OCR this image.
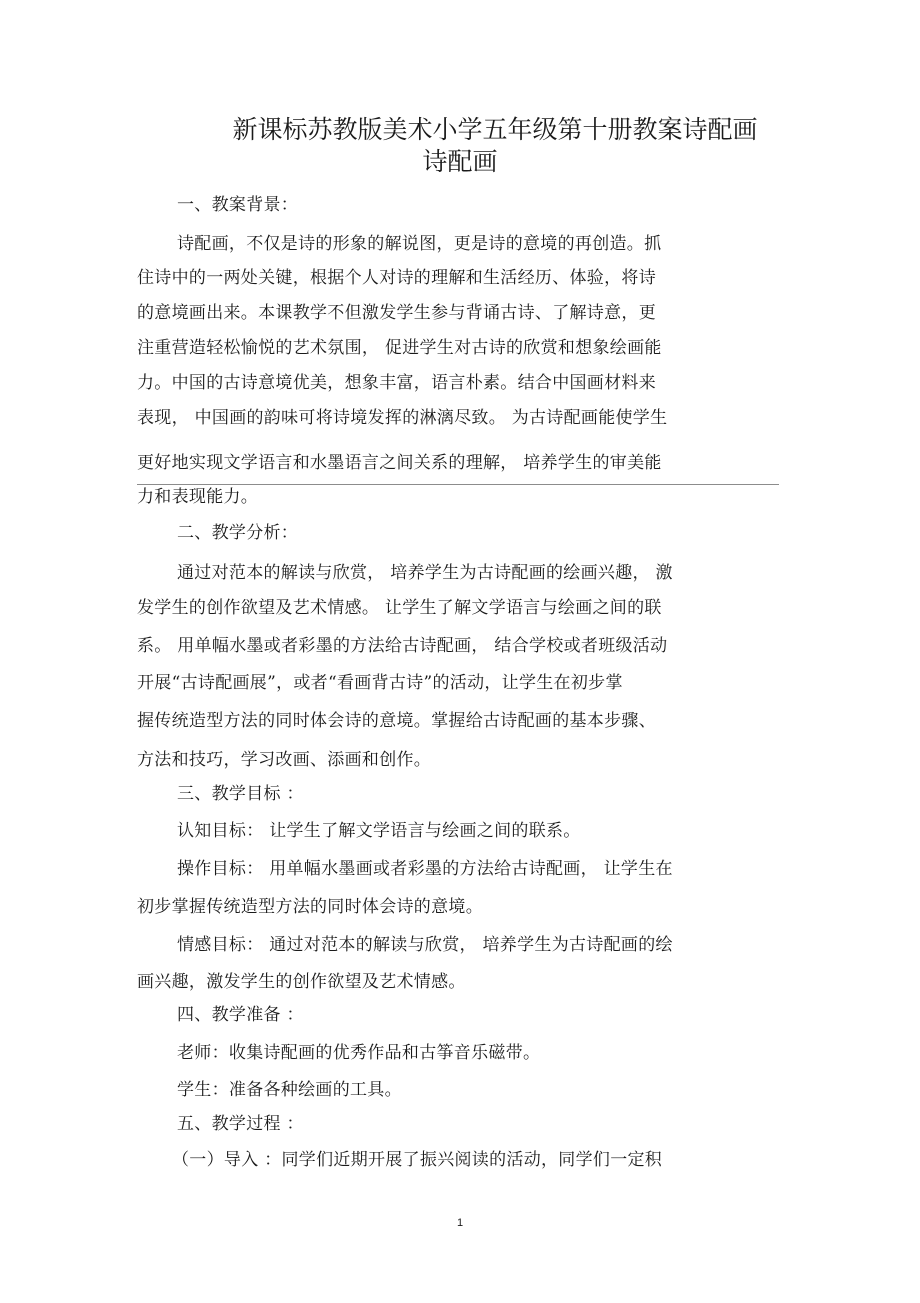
新课标苏教版美术小学五年级第十册教案诗配画
诗配画
一、教案背景：
诗配画，不仅是诗的形象的解说图，更是诗的意境的再创造。抓
住诗中的一两处关键，根据个人对诗的理解和生活经历、体验，将诗
的意境画出来。本课教学不但激发学生参与背诵古诗、了解诗意，更
注重营造轻松愉悦的艺术氛围， 促进学生对古诗的欣赏和想象绘画能
力。中国的古诗意境优美，想象丰富，语言朴素。结合中国画材料来
表现， 中国画的韵味可将诗境发挥的淋漓尽致。 为古诗配画能使学生
更好地实现文学语言和水墨语言之间关系的理解， 培养学生的审美能
力和表现能力。
二、教学分析：
通过对范本的解读与欣赏， 培养学生为古诗配画的绘画兴趣， 激
发学生的创作欲望及艺术情感。 让学生了解文学语言与绘画之间的联
系。 用单幅水墨或者彩墨的方法给古诗配画， 结合学校或者班级活动
开展“古诗配画展”，或者“看画背古诗”的活动，让学生在初步掌
握传统造型方法的同时体会诗的意境。掌握给古诗配画的基本步骤、
方法和技巧，学习改画、添画和创作。
三、教学目标 ：
认知目标： 让学生了解文学语言与绘画之间的联系。
操作目标： 用单幅水墨画或者彩墨的方法给古诗配画， 让学生在
初步掌握传统造型方法的同时体会诗的意境。
情感目标： 通过对范本的解读与欣赏， 培养学生为古诗配画的绘
画兴趣，激发学生的创作欲望及艺术情感。
四、教学准备 ：
老师：收集诗配画的优秀作品和古筝音乐磁带。
学生：准备各种绘画的工具。
五、教学过程 ：
（一）导入 ：同学们近期开展了振兴阅读的活动，同学们一定积
1
